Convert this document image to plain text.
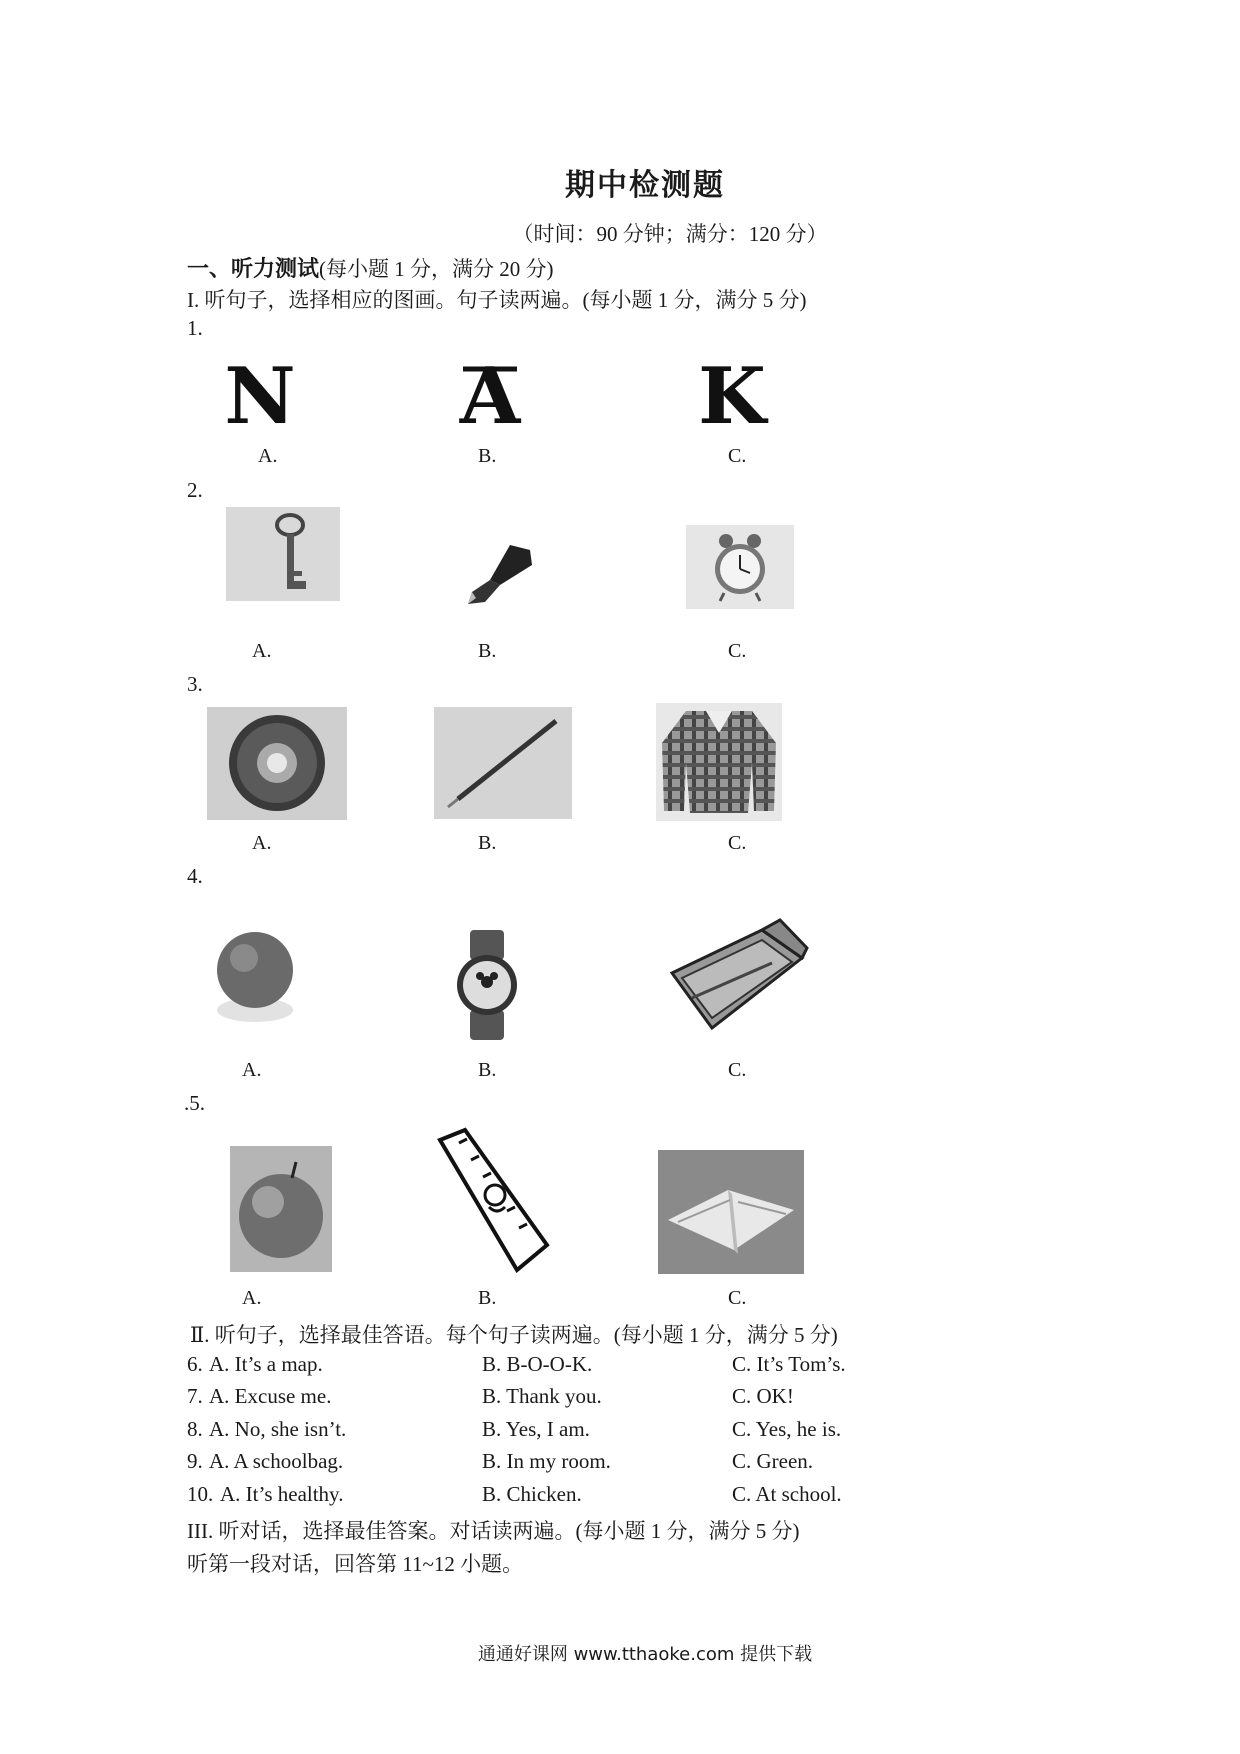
期中检测题
（时间：90 分钟；满分：120 分）
一、听力测试(每小题 1 分，满分 20 分)
I. 听句子，选择相应的图画。句子读两遍。(每小题 1 分，满分 5 分)
1.
N A K
A.	B.	C.
2.
A.	B.	C.
3.
A.	B.	C.
4.
A.	B.	C.
.5.
A.	B.	C.
Ⅱ. 听句子，选择最佳答语。每个句子读两遍。(每小题 1 分，满分 5 分)
6. A. It’s a map.	B. B-O-O-K.	C. It’s Tom’s.
7. A. Excuse me.	B. Thank you.	C. OK!
8. A. No, she isn’t.	B. Yes, I am.	C. Yes, he is.
9. A. A schoolbag.	B. In my room.	C. Green.
10. A. It’s healthy.	B. Chicken.	C. At school.
III. 听对话，选择最佳答案。对话读两遍。(每小题 1 分，满分 5 分)
听第一段对话，回答第 11~12 小题。
通通好课网 www.tthaoke.com 提供下载
